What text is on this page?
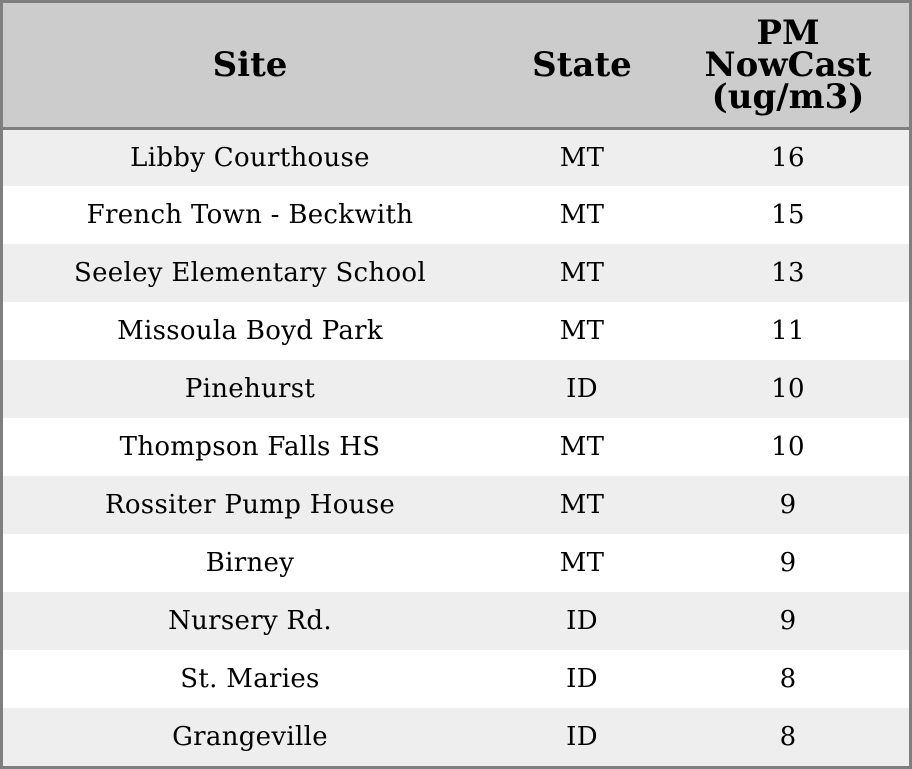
Site	State	PM
NowCast
(ug/m3)

Libby Courthouse	MT	16
French Town - Beckwith	MT	15
Seeley Elementary School	MT	13
Missoula Boyd Park	MT	11
Pinehurst	ID	10
Thompson Falls HS	MT	10
Rossiter Pump House	MT	9
Birney	MT	9
Nursery Rd.	ID	9
St. Maries	ID	8
Grangeville	ID	8
